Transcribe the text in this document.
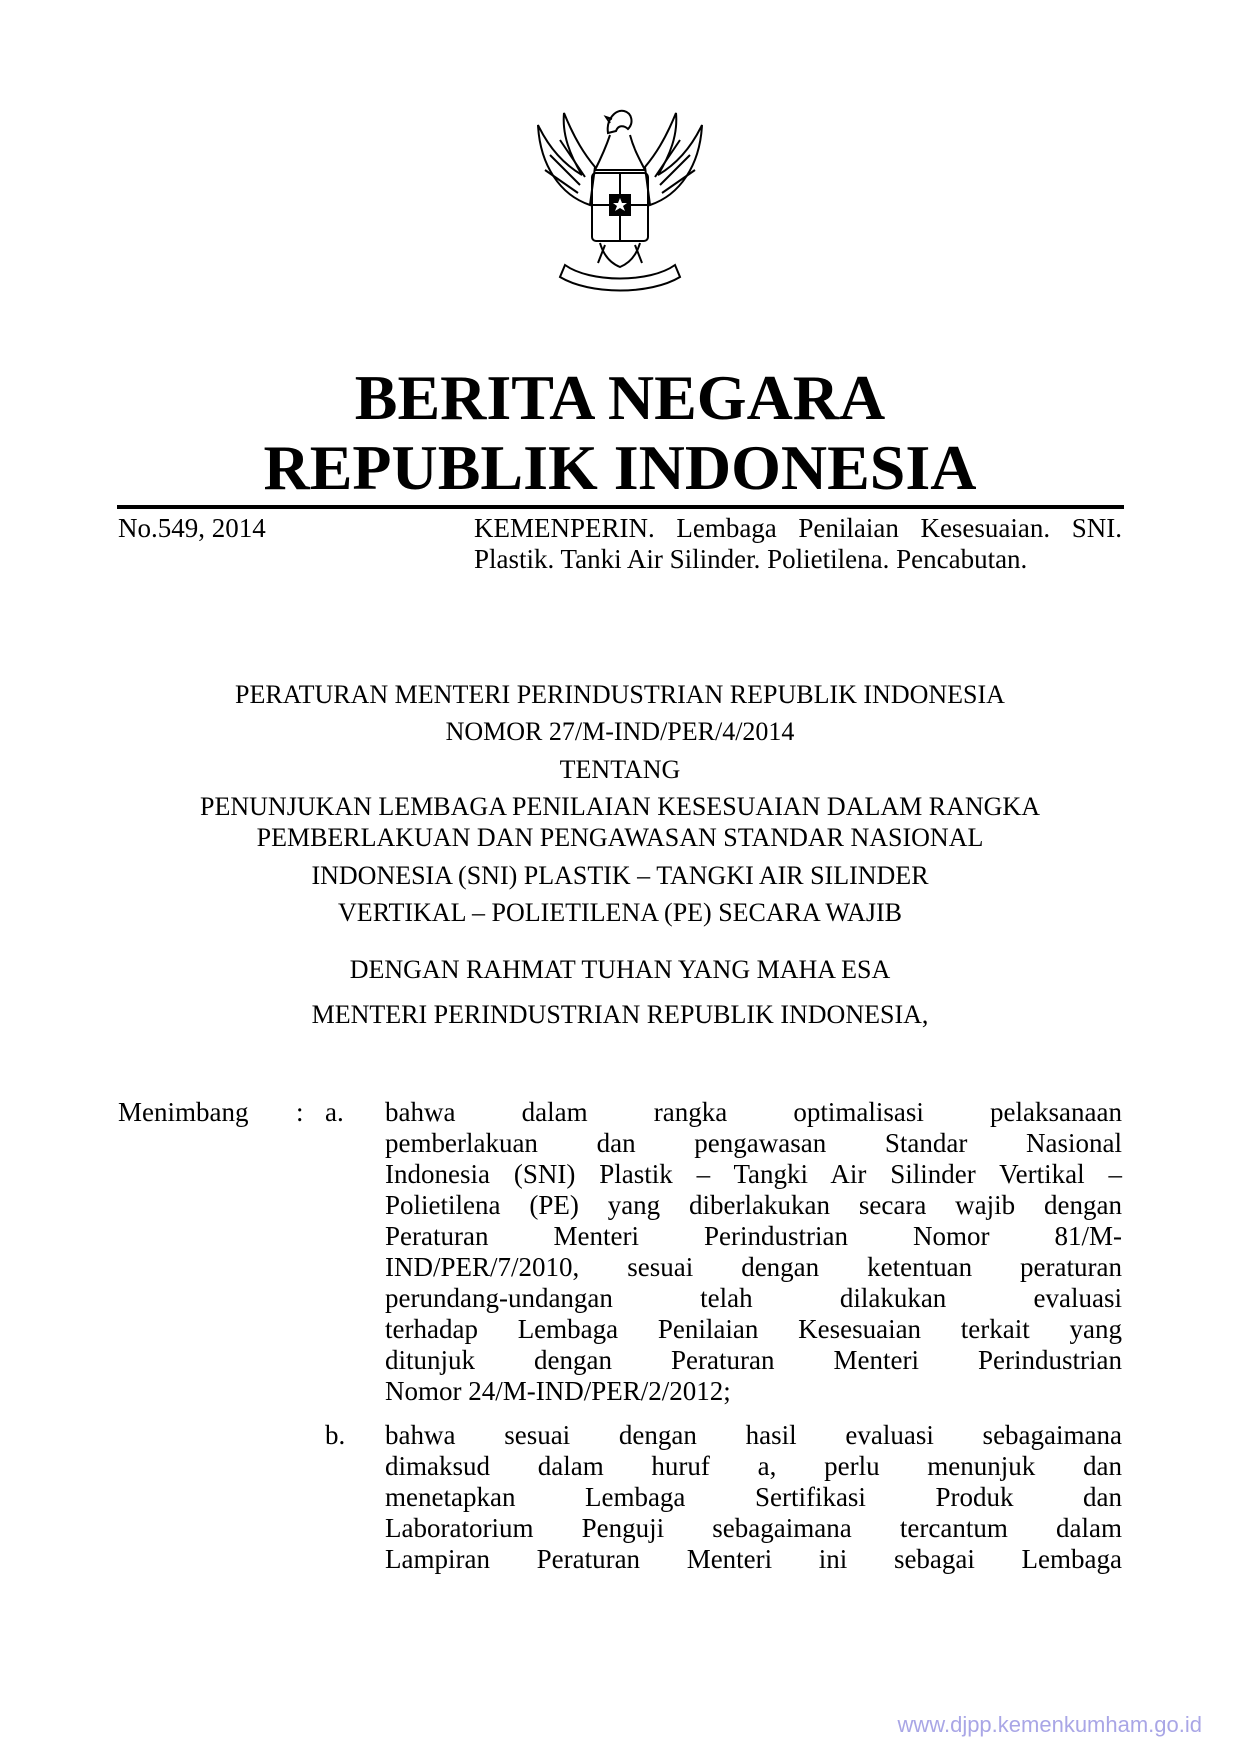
BERITA NEGARA
REPUBLIK INDONESIA
No.549, 2014	KEMENPERIN. Lembaga Penilaian Kesesuaian. SNI. Plastik. Tanki Air Silinder. Polietilena. Pencabutan.
PERATURAN MENTERI PERINDUSTRIAN REPUBLIK INDONESIA
NOMOR 27/M-IND/PER/4/2014
TENTANG
PENUNJUKAN LEMBAGA PENILAIAN KESESUAIAN DALAM RANGKA
PEMBERLAKUAN DAN PENGAWASAN STANDAR NASIONAL
INDONESIA (SNI) PLASTIK – TANGKI AIR SILINDER
VERTIKAL – POLIETILENA (PE) SECARA WAJIB
DENGAN RAHMAT TUHAN YANG MAHA ESA
MENTERI PERINDUSTRIAN REPUBLIK INDONESIA,
Menimbang : a. bahwa dalam rangka optimalisasi pelaksanaan
pemberlakuan dan pengawasan Standar Nasional
Indonesia (SNI) Plastik – Tangki Air Silinder Vertikal –
Polietilena (PE) yang diberlakukan secara wajib dengan
Peraturan Menteri Perindustrian Nomor 81/M-
IND/PER/7/2010, sesuai dengan ketentuan peraturan
perundang-undangan telah dilakukan evaluasi
terhadap Lembaga Penilaian Kesesuaian terkait yang
ditunjuk dengan Peraturan Menteri Perindustrian
Nomor 24/M-IND/PER/2/2012;
b. bahwa sesuai dengan hasil evaluasi sebagaimana
dimaksud dalam huruf a, perlu menunjuk dan
menetapkan Lembaga Sertifikasi Produk dan
Laboratorium Penguji sebagaimana tercantum dalam
Lampiran Peraturan Menteri ini sebagai Lembaga
www.djpp.kemenkumham.go.id
